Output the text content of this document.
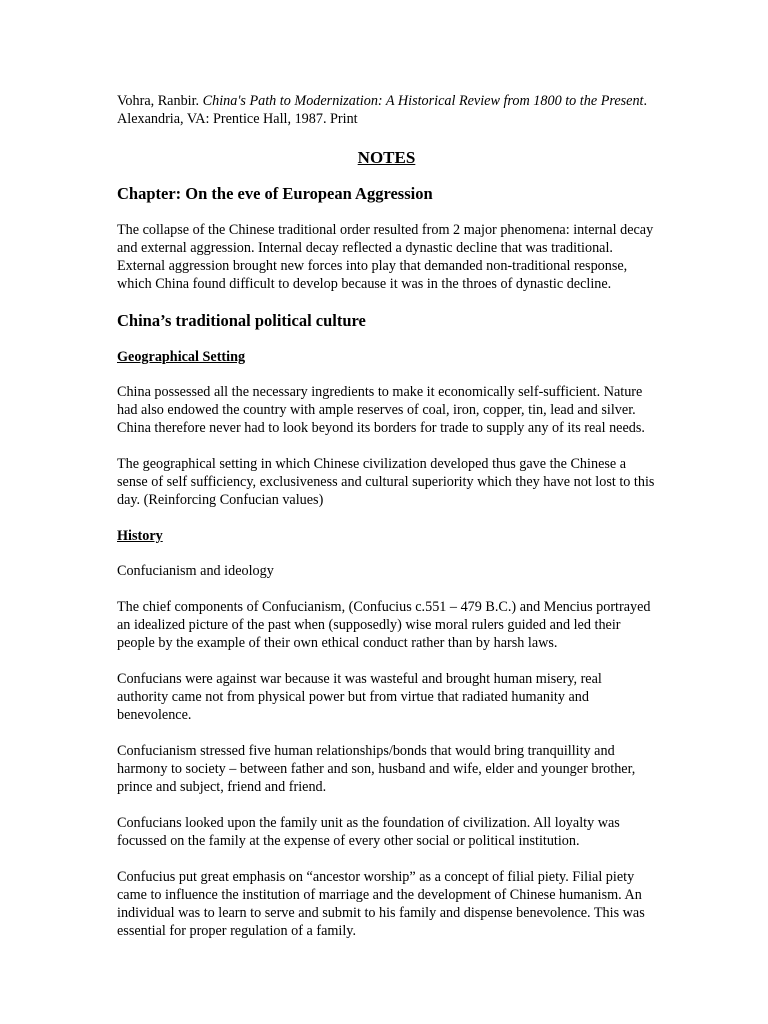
Vohra, Ranbir. China's Path to Modernization: A Historical Review from 1800 to the Present. Alexandria, VA: Prentice Hall, 1987. Print
NOTES
Chapter: On the eve of European Aggression

The collapse of the Chinese traditional order resulted from 2 major phenomena: internal decay and external aggression. Internal decay reflected a dynastic decline that was traditional. External aggression brought new forces into play that demanded non-traditional response, which China found difficult to develop because it was in the throes of dynastic decline.

China’s traditional political culture
Geographical Setting

China possessed all the necessary ingredients to make it economically self-sufficient. Nature had also endowed the country with ample reserves of coal, iron, copper, tin, lead and silver. China therefore never had to look beyond its borders for trade to supply any of its real needs.

The geographical setting in which Chinese civilization developed thus gave the Chinese a sense of self sufficiency, exclusiveness and cultural superiority which they have not lost to this day. (Reinforcing Confucian values)

History
Confucianism and ideology

The chief components of Confucianism, (Confucius c.551 – 479 B.C.) and Mencius portrayed an idealized picture of the past when (supposedly) wise moral rulers guided and led their people by the example of their own ethical conduct rather than by harsh laws.

Confucians were against war because it was wasteful and brought human misery, real authority came not from physical power but from virtue that radiated humanity and benevolence.

Confucianism stressed five human relationships/bonds that would bring tranquillity and harmony to society – between father and son, husband and wife, elder and younger brother, prince and subject, friend and friend.

Confucians looked upon the family unit as the foundation of civilization. All loyalty was focussed on the family at the expense of every other social or political institution.

Confucius put great emphasis on “ancestor worship” as a concept of filial piety. Filial piety came to influence the institution of marriage and the development of Chinese humanism. An individual was to learn to serve and submit to his family and dispense benevolence. This was essential for proper regulation of a family.
